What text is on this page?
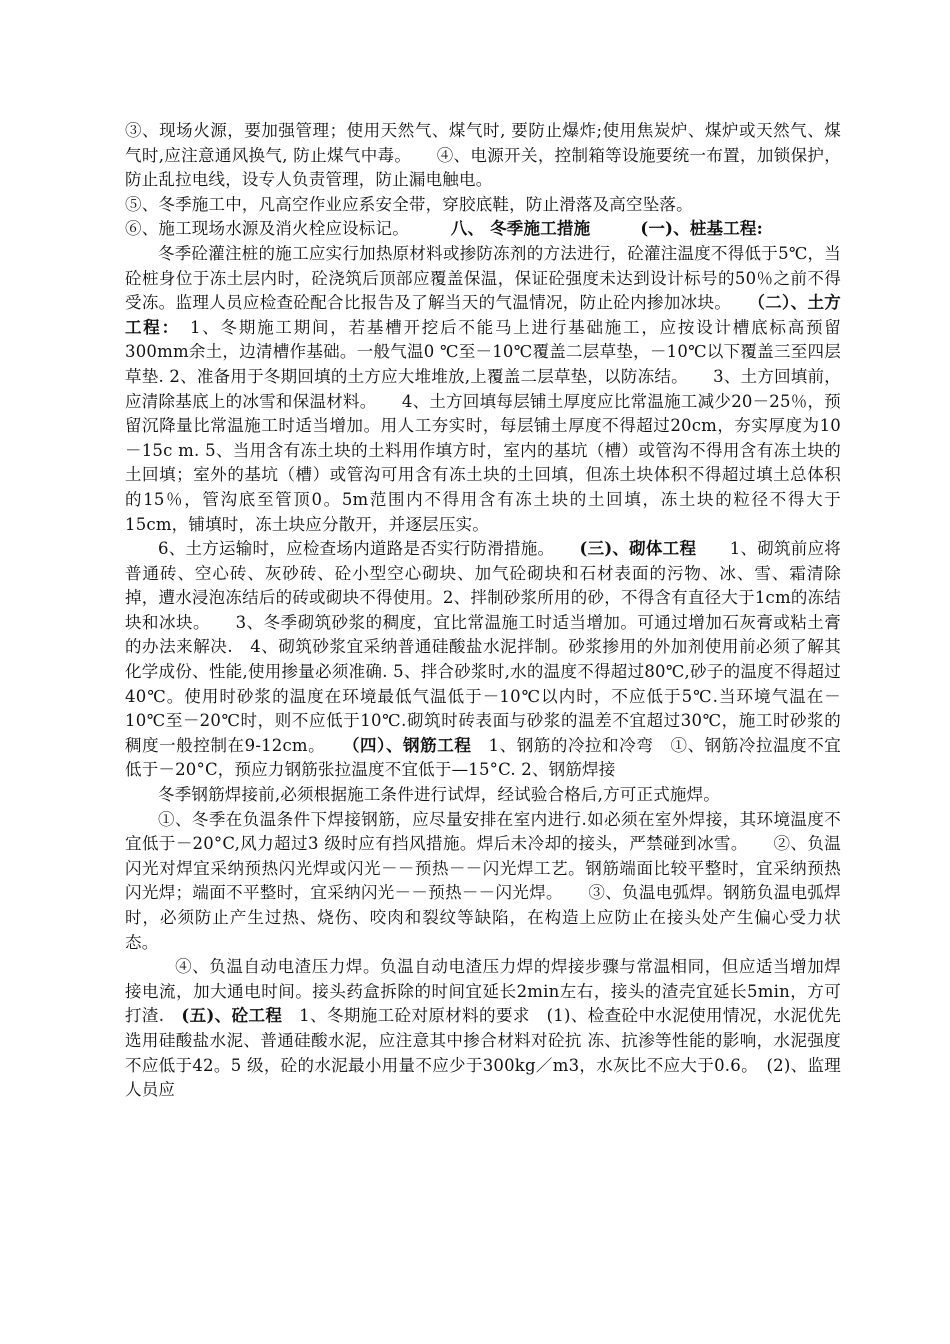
③、现场火源，要加强管理；使用天然气、煤气时, 要防止爆炸;使用焦炭炉、煤炉或天然气、煤气时,应注意通风换气, 防止煤气中毒。　　④、电源开关，控制箱等设施要统一布置，加锁保护，防止乱拉电线，设专人负责管理，防止漏电触电。

⑤、冬季施工中，凡高空作业应系安全带，穿胶底鞋，防止滑落及高空坠落。

⑥、施工现场水源及消火栓应设标记。　　　	八、 冬季施工措施　　　	(一)、桩基工程:

冬季砼灌注桩的施工应实行加热原材料或掺防冻剂的方法进行，砼灌注温度不得低于5℃，当砼桩身位于冻土层内时，砼浇筑后顶部应覆盖保温，保证砼强度未达到设计标号的50％之前不得受冻。监理人员应检查砼配合比报告及了解当天的气温情况，防止砼内掺加冰块。　　 （二）、土方工程：　 1、冬期施工期间，若基槽开挖后不能马上进行基础施工，应按设计槽底标高预留300mm余土，边清槽作基础。一般气温0 ℃至－10℃覆盖二层草垫，－10℃以下覆盖三至四层草垫. 2、准备用于冬期回填的土方应大堆堆放,上覆盖二层草垫，以防冻结。　　3、土方回填前，应清除基底上的冰雪和保温材料。　　4、土方回填每层铺土厚度应比常温施工减少20－25％，预留沉降量比常温施工时适当增加。用人工夯实时，每层铺土厚度不得超过20cm，夯实厚度为10－15c m. 5、当用含有冻土块的土料用作填方时，室内的基坑（槽）或管沟不得用含有冻土块的土回填；室外的基坑（槽）或管沟可用含有冻土块的土回填，但冻土块体积不得超过填土总体积的15％，管沟底至管顶0。5m范围内不得用含有冻土块的土回填，冻土块的粒径不得大于15cm，铺填时，冻土块应分散开，并逐层压实。

6、土方运输时，应检查场内道路是否实行防滑措施。　　 (三)、砌体工程　　1、砌筑前应将普通砖、空心砖、灰砂砖、砼小型空心砌块、加气砼砌块和石材表面的污物、冰、雪、霜清除掉，遭水浸泡冻结后的砖或砌块不得使用。2、拌制砂浆所用的砂，不得含有直径大于1cm的冻结块和冰块。　　3、冬季砌筑砂浆的稠度，宜比常温施工时适当增加。可通过增加石灰膏或粘土膏的办法来解决.　4、砌筑砂浆宜采纳普通硅酸盐水泥拌制。砂浆掺用的外加剂使用前必须了解其化学成份、性能,使用掺量必须准确. 5、拌合砂浆时,水的温度不得超过80℃,砂子的温度不得超过40℃。使用时砂浆的温度在环境最低气温低于－10℃以内时，不应低于5℃.当环境气温在－10℃至－20℃时，则不应低于10℃.砌筑时砖表面与砂浆的温差不宜超过30℃，施工时砂浆的稠度一般控制在9-12cm。　　 （四）、钢筋工程　 1、钢筋的冷拉和冷弯　①、钢筋冷拉温度不宜低于－20°C，预应力钢筋张拉温度不宜低于—15°C. 2、钢筋焊接

冬季钢筋焊接前,必须根据施工条件进行试焊，经试验合格后,方可正式施焊。

①、冬季在负温条件下焊接钢筋，应尽量安排在室内进行.如必须在室外焊接，其环境温度不宜低于－20°C,风力超过3 级时应有挡风措施。焊后未冷却的接头，严禁碰到冰雪。　　②、负温闪光对焊宜采纳预热闪光焊或闪光－－预热－－闪光焊工艺。钢筋端面比较平整时，宜采纳预热闪光焊；端面不平整时，宜采纳闪光－－预热－－闪光焊。　　③、负温电弧焊。钢筋负温电弧焊时，必须防止产生过热、烧伤、咬肉和裂纹等缺陷，在构造上应防止在接头处产生偏心受力状态。

　④、负温自动电渣压力焊。负温自动电渣压力焊的焊接步骤与常温相同，但应适当增加焊接电流，加大通电时间。接头药盒拆除的时间宜延长2min左右，接头的渣壳宜延长5min，方可打渣.　 (五)、砼工程　1、冬期施工砼对原材料的要求　(1)、检查砼中水泥使用情况，水泥优先选用硅酸盐水泥、普通硅酸水泥，应注意其中掺合材料对砼抗 冻、抗渗等性能的影响，水泥强度不应低于42。5 级，砼的水泥最小用量不应少于300kg／m3，水灰比不应大于0.6。　(2)、监理人员应
